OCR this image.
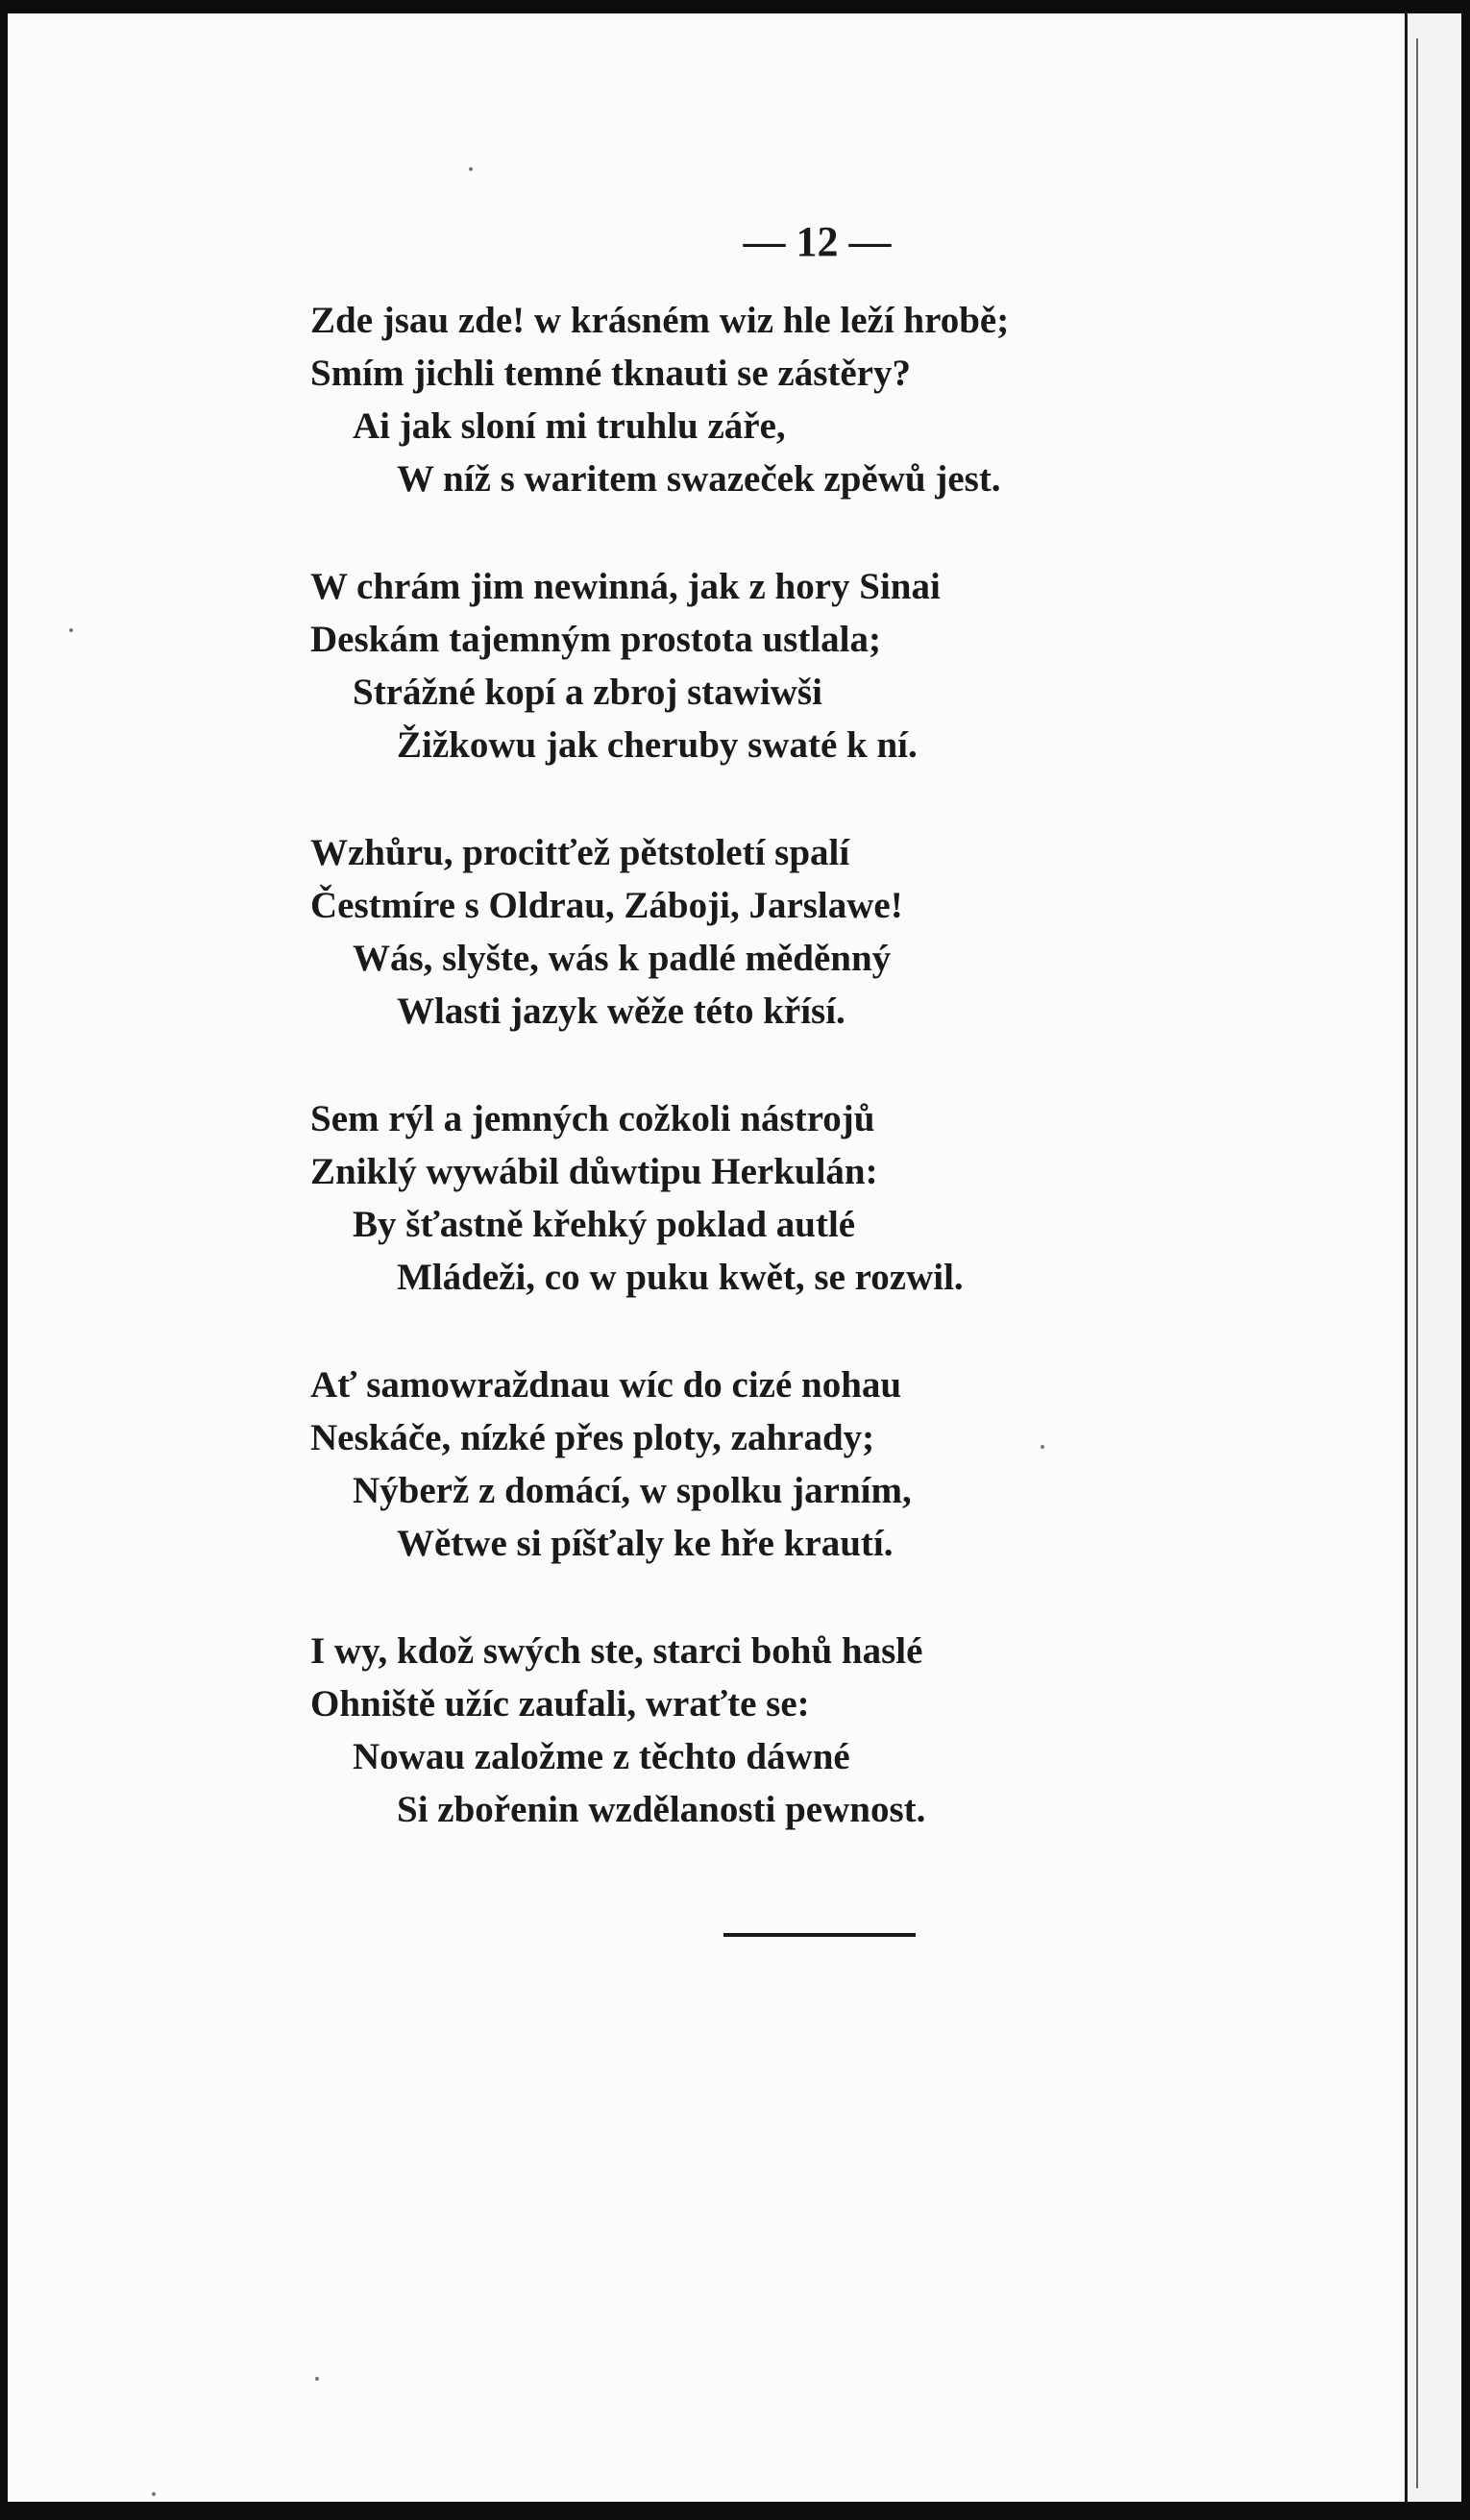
— 12 —
Zde jsau zde! w krásném wiz hle leží hrobě;
Smím jichli temné tknauti se zástěry?
Ai jak sloní mi truhlu záře,
W níž s waritem swazeček zpěwů jest.
W chrám jim newinná, jak z hory Sinai
Deskám tajemným prostota ustlala;
Strážné kopí a zbroj stawiwši
Žižkowu jak cheruby swaté k ní.
Wzhůru, procitťež pětstoletí spalí
Čestmíre s Oldrau, Záboji, Jarslawe!
Wás, slyšte, wás k padlé měděnný
Wlasti jazyk wěže této křísí.
Sem rýl a jemných cožkoli nástrojů
Zniklý wywábil důwtipu Herkulán:
By šťastně křehký poklad autlé
Mládeži, co w puku kwět, se rozwil.
Ať samowraždnau wíc do cizé nohau
Neskáče, nízké přes ploty, zahrady;
Nýberž z domácí, w spolku jarním,
Wětwe si píšťaly ke hře krautí.
I wy, kdož swých ste, starci bohů haslé
Ohniště užíc zaufali, wraťte se:
Nowau založme z těchto dáwné
Si zbořenin wzdělanosti pewnost.
